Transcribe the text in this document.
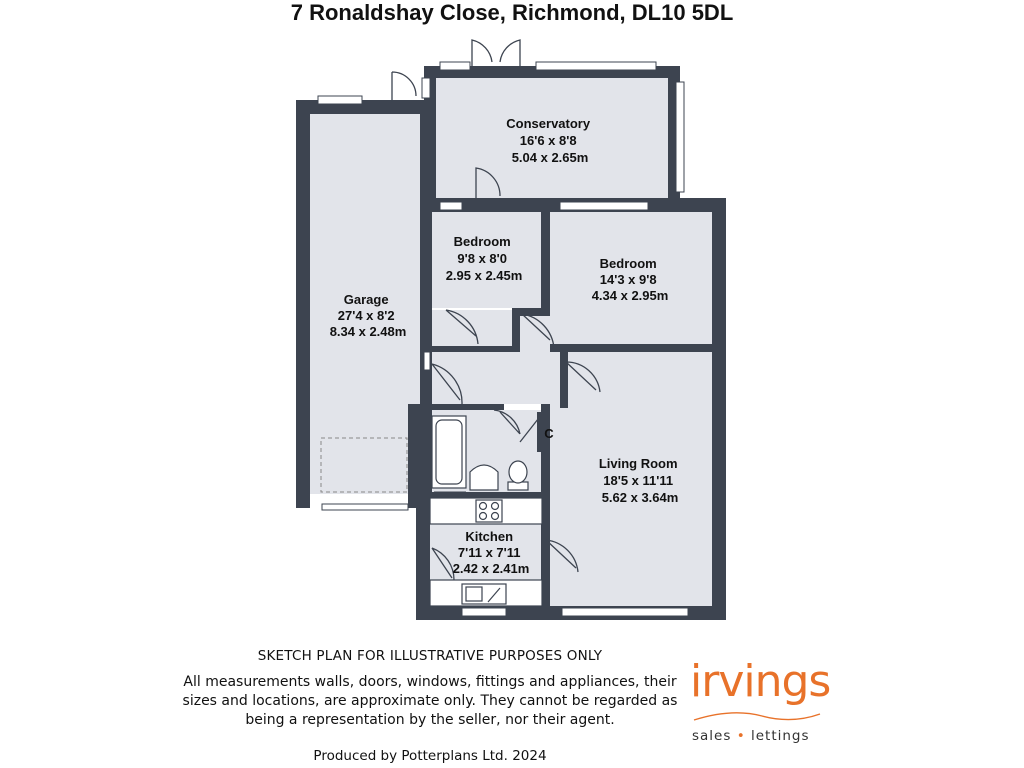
7 Ronaldshay Close, Richmond, DL10 5DL
Conservatory 16'6 x 8'8 5.04 x 2.65m
Bedroom 9'8 x 8'0 2.95 x 2.45m
Bedroom 14'3 x 9'8 4.34 x 2.95m
Garage 27'4 x 8'2 8.34 x 2.48m
Living Room 18'5 x 11'11 5.62 x 3.64m
Kitchen 7'11 x 7'11 2.42 x 2.41m
C
SKETCH PLAN FOR ILLUSTRATIVE PURPOSES ONLY
All measurements walls, doors, windows, fittings and appliances, their
sizes and locations, are approximate only. They cannot be regarded as
being a representation by the seller, nor their agent.
Produced by Potterplans Ltd. 2024
irvings
sales • lettings
